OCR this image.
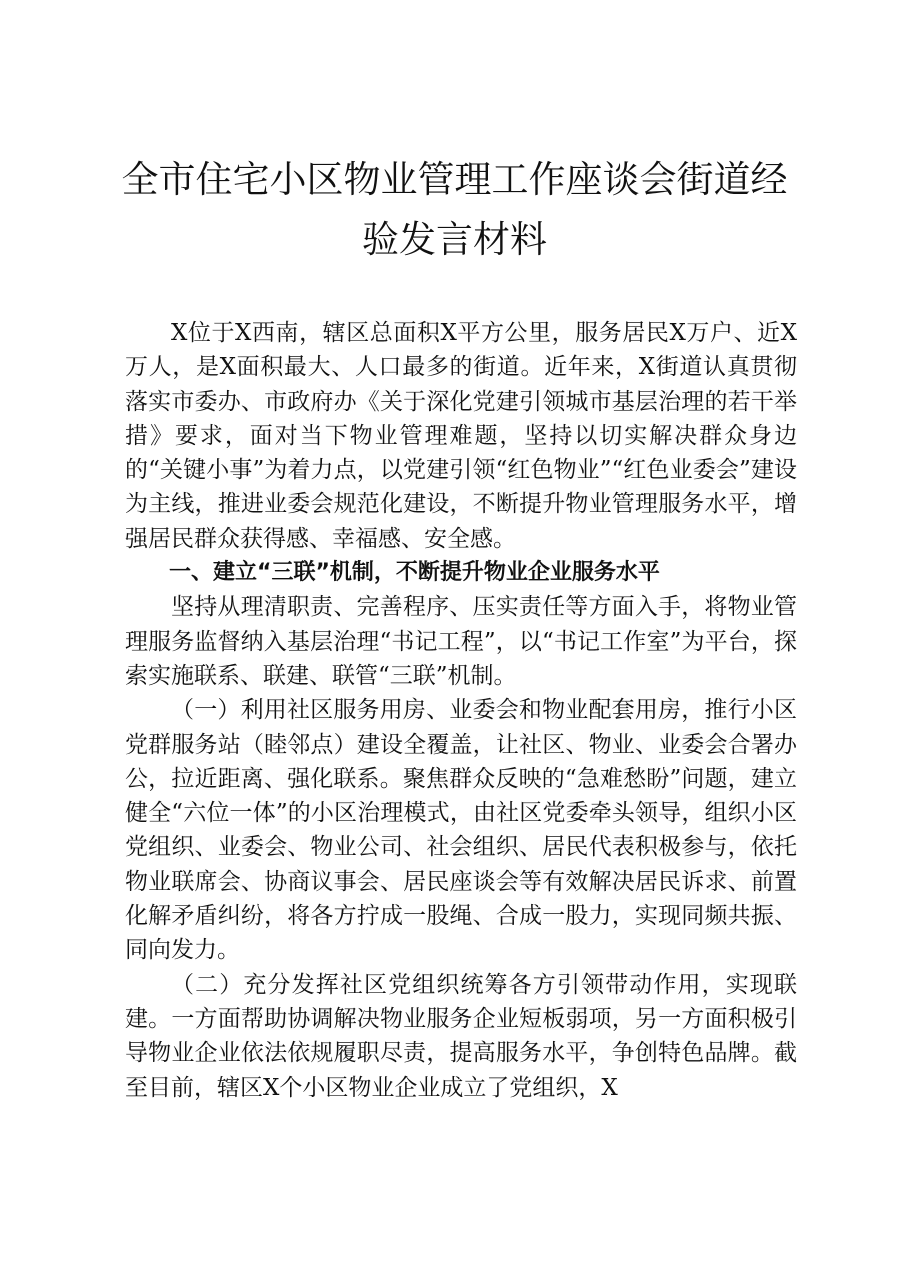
全市住宅小区物业管理工作座谈会街道经验发言材料

X位于X西南，辖区总面积X平方公里，服务居民X万户、近X万人，是X面积最大、人口最多的街道。近年来，X街道认真贯彻落实市委办、市政府办《关于深化党建引领城市基层治理的若干举措》要求，面对当下物业管理难题，坚持以切实解决群众身边的“关键小事”为着力点，以党建引领“红色物业”“红色业委会”建设为主线，推进业委会规范化建设，不断提升物业管理服务水平，增强居民群众获得感、幸福感、安全感。

一、建立“三联”机制，不断提升物业企业服务水平

坚持从理清职责、完善程序、压实责任等方面入手，将物业管理服务监督纳入基层治理“书记工程”，以“书记工作室”为平台，探索实施联系、联建、联管“三联”机制。

（一）利用社区服务用房、业委会和物业配套用房，推行小区党群服务站（睦邻点）建设全覆盖，让社区、物业、业委会合署办公，拉近距离、强化联系。聚焦群众反映的“急难愁盼”问题，建立健全“六位一体”的小区治理模式，由社区党委牵头领导，组织小区党组织、业委会、物业公司、社会组织、居民代表积极参与，依托物业联席会、协商议事会、居民座谈会等有效解决居民诉求、前置化解矛盾纠纷，将各方拧成一股绳、合成一股力，实现同频共振、同向发力。

（二）充分发挥社区党组织统筹各方引领带动作用，实现联建。一方面帮助协调解决物业服务企业短板弱项，另一方面积极引导物业企业依法依规履职尽责，提高服务水平，争创特色品牌。截至目前，辖区X个小区物业企业成立了党组织，X
